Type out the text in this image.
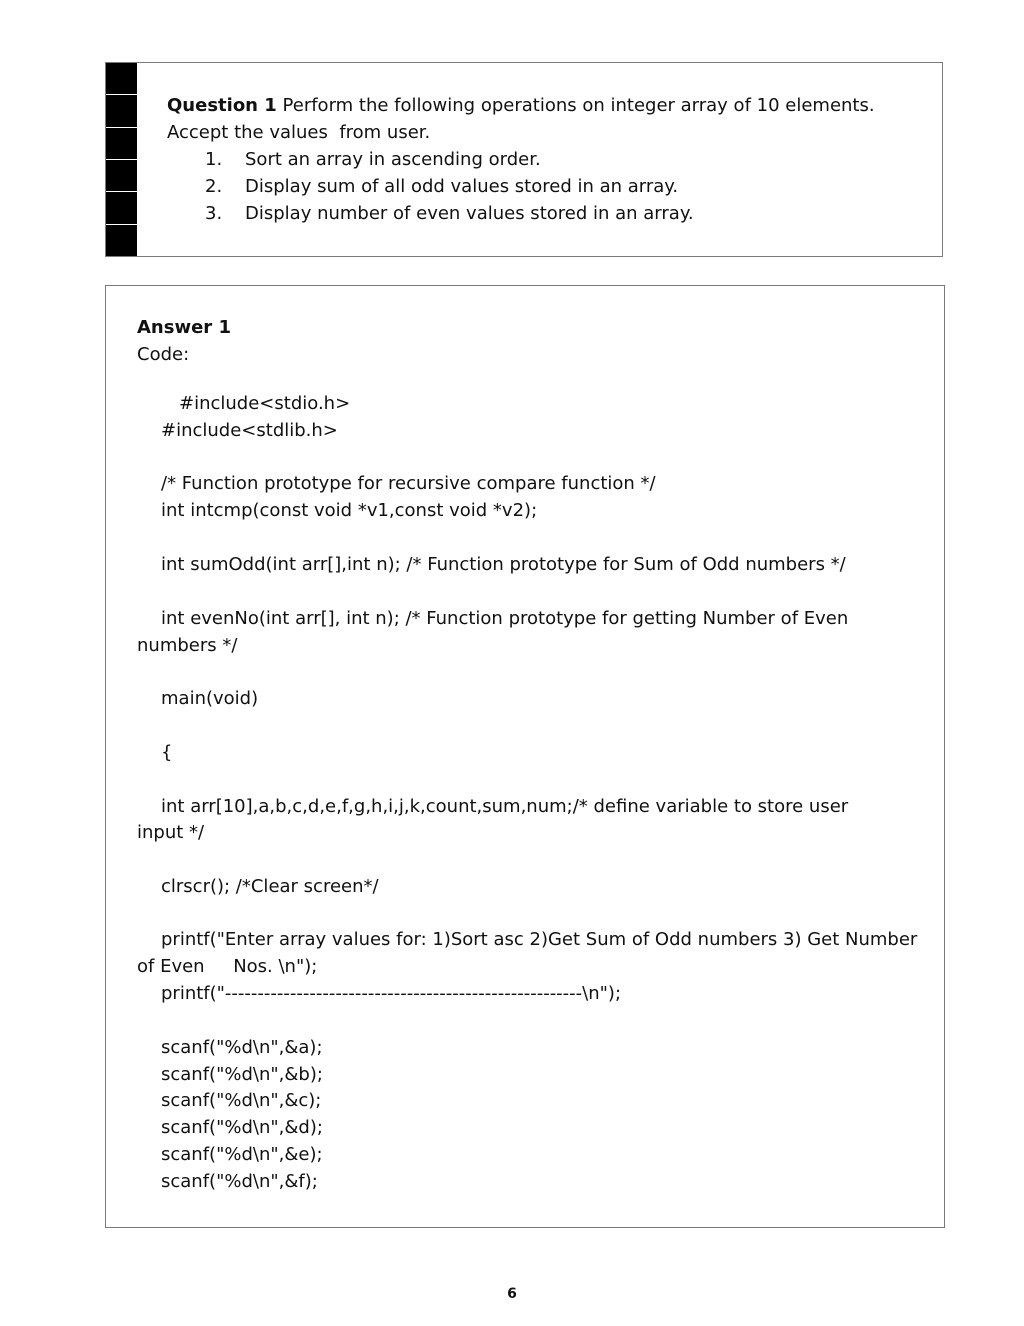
Question 1 Perform the following operations on integer array of 10 elements.
Accept the values  from user.
1.	Sort an array in ascending order.
2.	Display sum of all odd values stored in an array.
3.	Display number of even values stored in an array.
Answer 1
Code:
#include<stdio.h>
#include<stdlib.h>
/* Function prototype for recursive compare function */
int intcmp(const void *v1,const void *v2);
int sumOdd(int arr[],int n); /* Function prototype for Sum of Odd numbers */
int evenNo(int arr[], int n); /* Function prototype for getting Number of Even
numbers */
main(void)
{
int arr[10],a,b,c,d,e,f,g,h,i,j,k,count,sum,num;/* define variable to store user
input */
clrscr(); /*Clear screen*/
printf("Enter array values for: 1)Sort asc 2)Get Sum of Odd numbers 3) Get Number
of Even     Nos. \n");
printf("-------------------------------------------------------\n");
scanf("%d\n",&a);
scanf("%d\n",&b);
scanf("%d\n",&c);
scanf("%d\n",&d);
scanf("%d\n",&e);
scanf("%d\n",&f);
6
